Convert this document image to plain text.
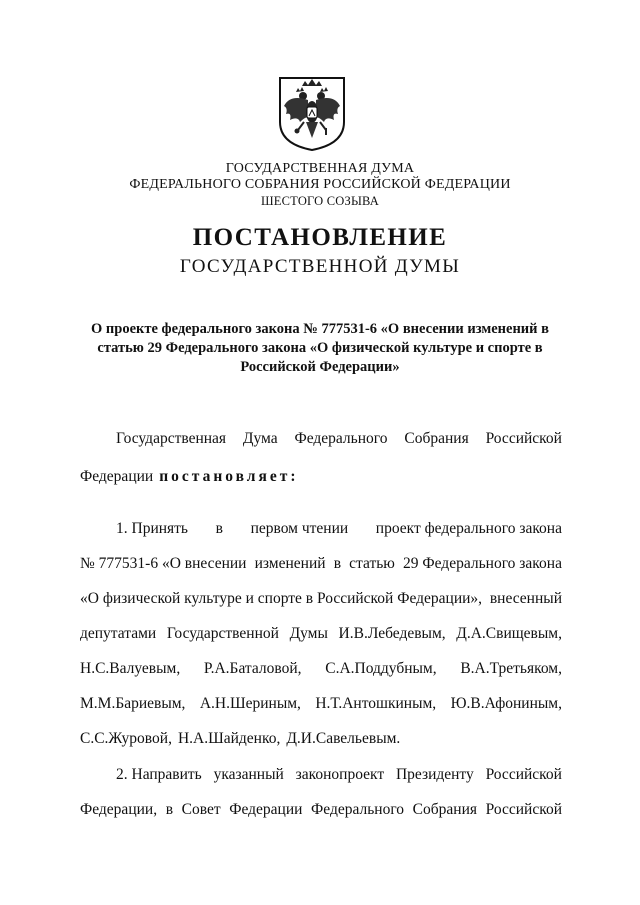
ГОСУДАРСТВЕННАЯ ДУМА
ФЕДЕРАЛЬНОГО СОБРАНИЯ РОССИЙСКОЙ ФЕДЕРАЦИИ
ШЕСТОГО СОЗЫВА
ПОСТАНОВЛЕНИЕ
ГОСУДАРСТВЕННОЙ ДУМЫ
О проекте федерального закона № 777531-6 «О внесении изменений в
статью 29 Федерального закона «О физической культуре и спорте в
Российской Федерации»
Государственная Дума Федерального Собрания Российской
Федерации постановляет:
1. Принять в первом чтении проект федерального закона
№ 777531-6 «О внесении изменений в статью 29 Федерального закона
«О физической культуре и спорте в Российской Федерации», внесенный
депутатами Государственной Думы И.В.Лебедевым, Д.А.Свищевым,
Н.С.Валуевым, Р.А.Баталовой, С.А.Поддубным, В.А.Третьяком,
М.М.Бариевым, А.Н.Шериным, Н.Т.Антошкиным, Ю.В.Афониным,
С.С.Журовой, Н.А.Шайденко, Д.И.Савельевым.
2. Направить указанный законопроект Президенту Российской
Федерации, в Совет Федерации Федерального Собрания Российской
